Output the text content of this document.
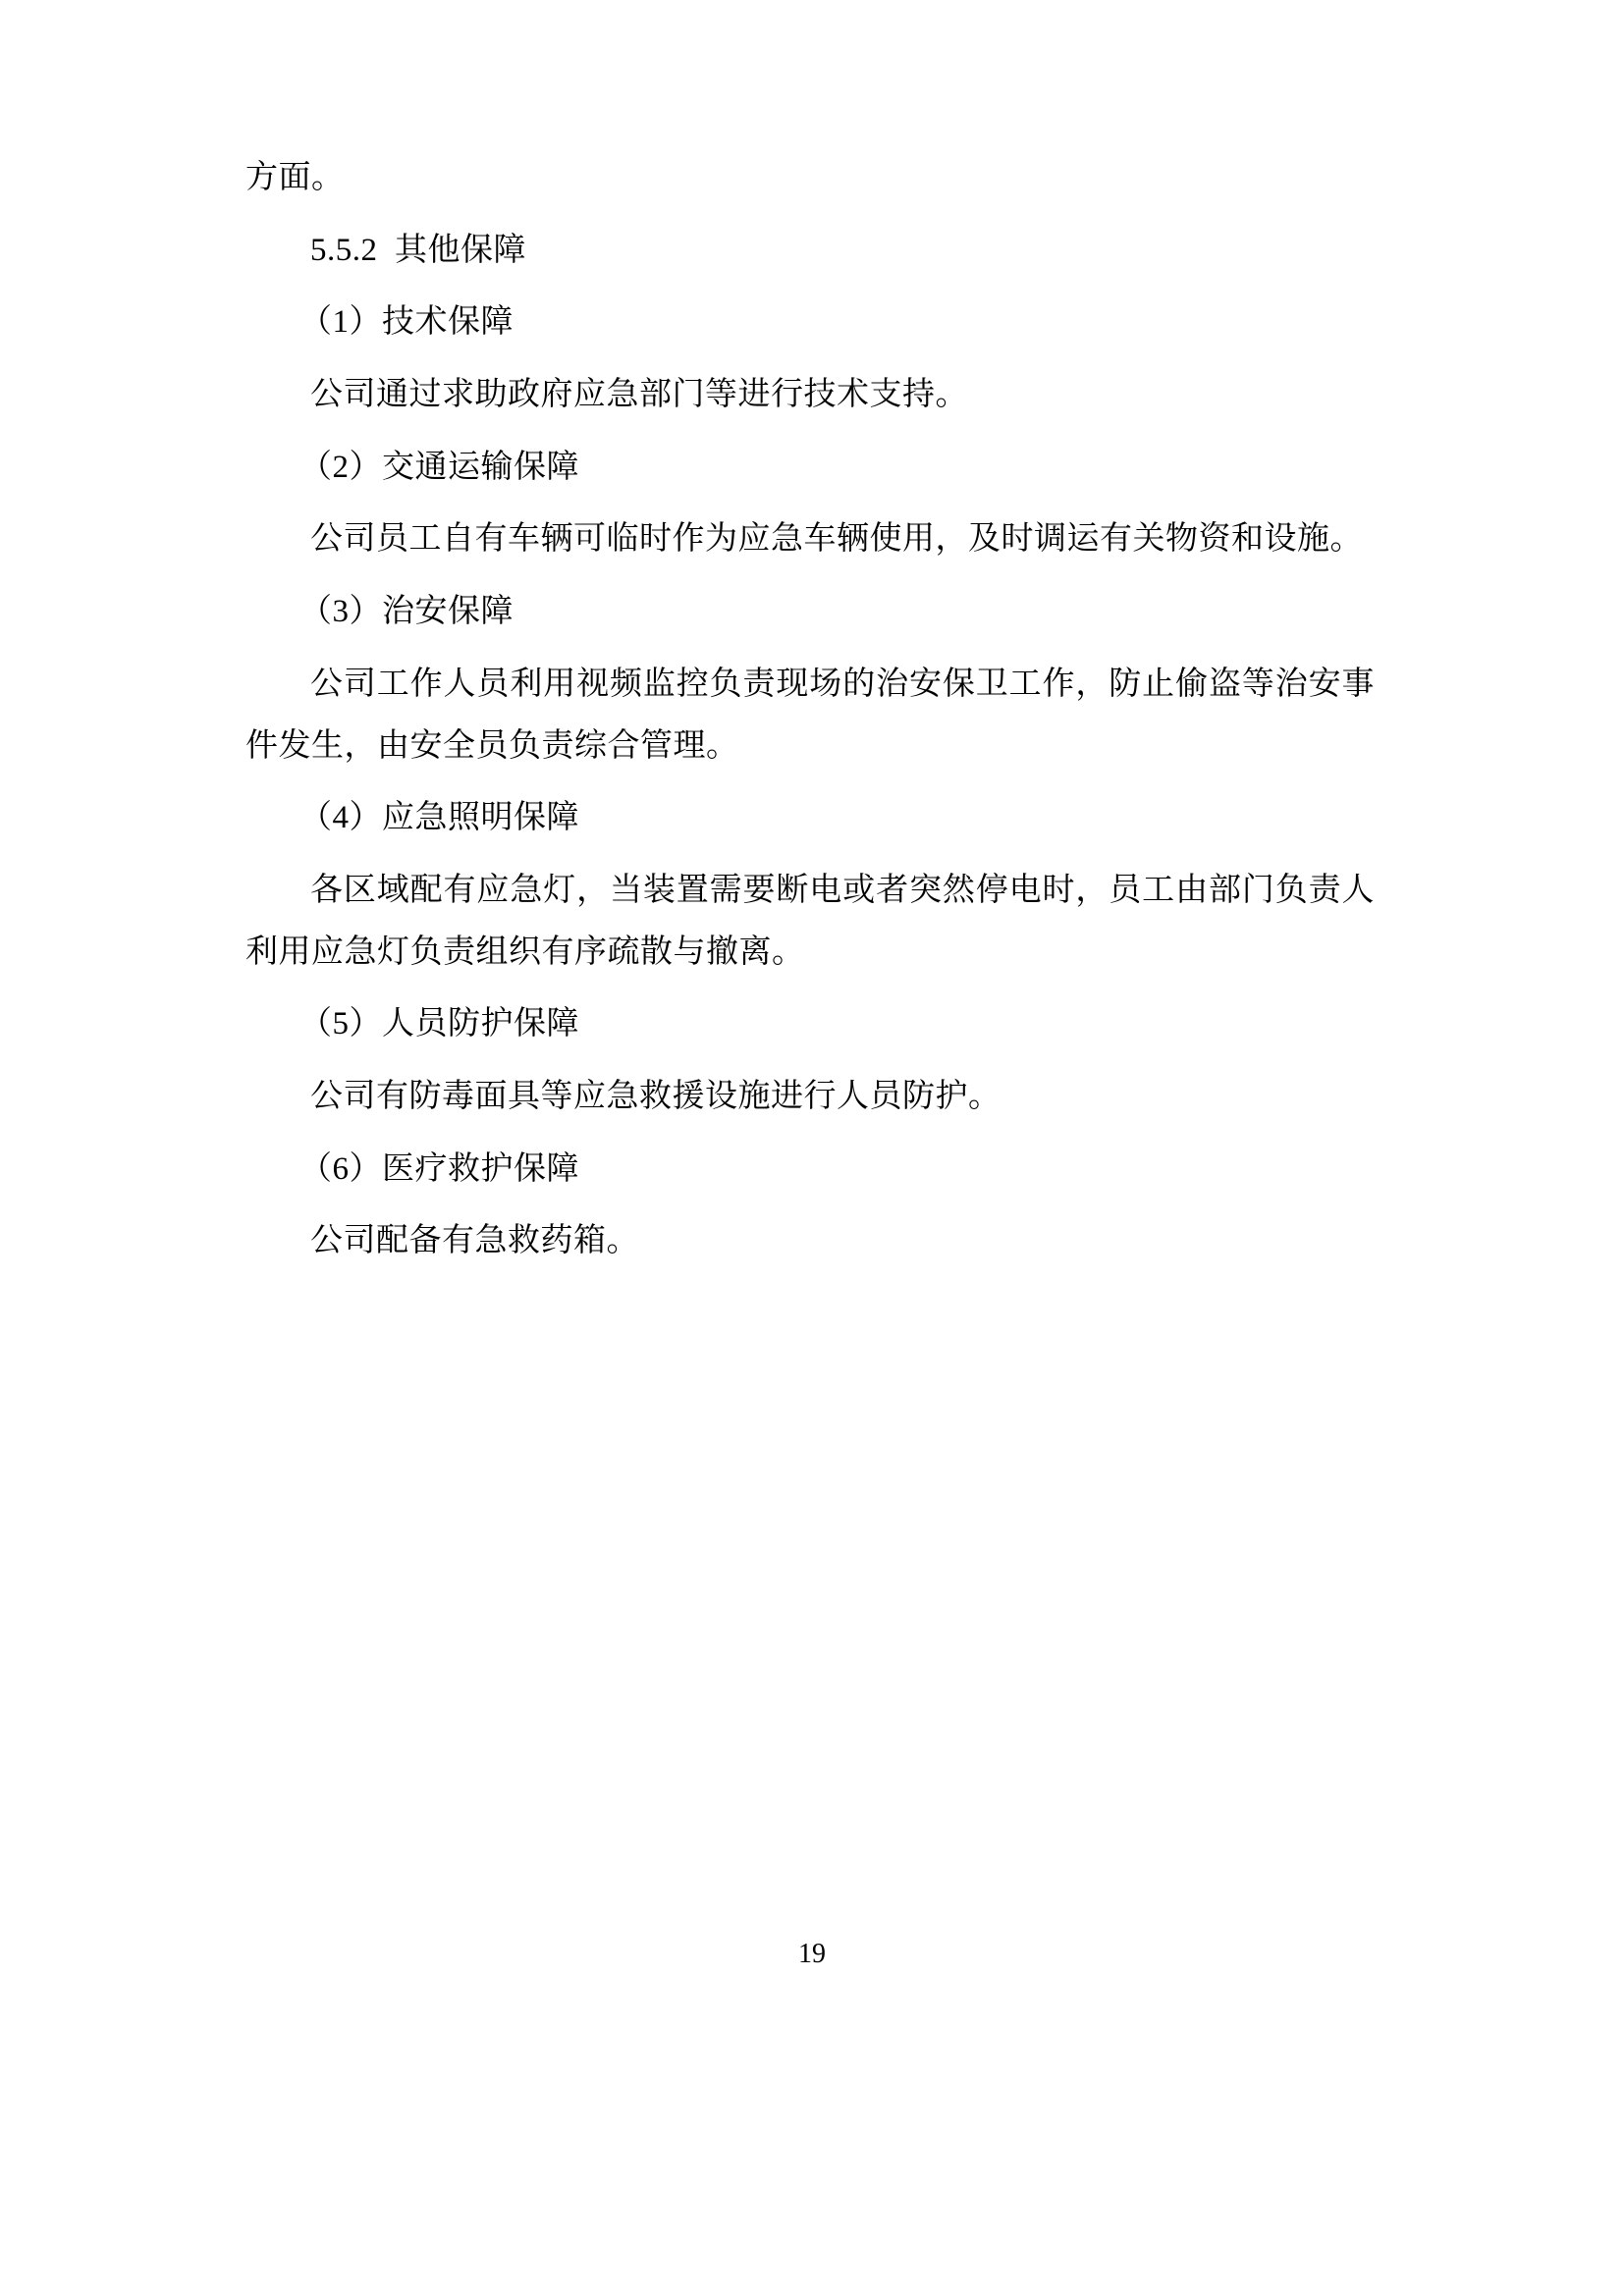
方面。

5.5.2  其他保障

（1）技术保障

公司通过求助政府应急部门等进行技术支持。

（2）交通运输保障

公司员工自有车辆可临时作为应急车辆使用，及时调运有关物资和设施。

（3）治安保障

公司工作人员利用视频监控负责现场的治安保卫工作，防止偷盗等治安事件发生，由安全员负责综合管理。

（4）应急照明保障

各区域配有应急灯，当装置需要断电或者突然停电时，员工由部门负责人利用应急灯负责组织有序疏散与撤离。

（5）人员防护保障

公司有防毒面具等应急救援设施进行人员防护。

（6）医疗救护保障

公司配备有急救药箱。

19
